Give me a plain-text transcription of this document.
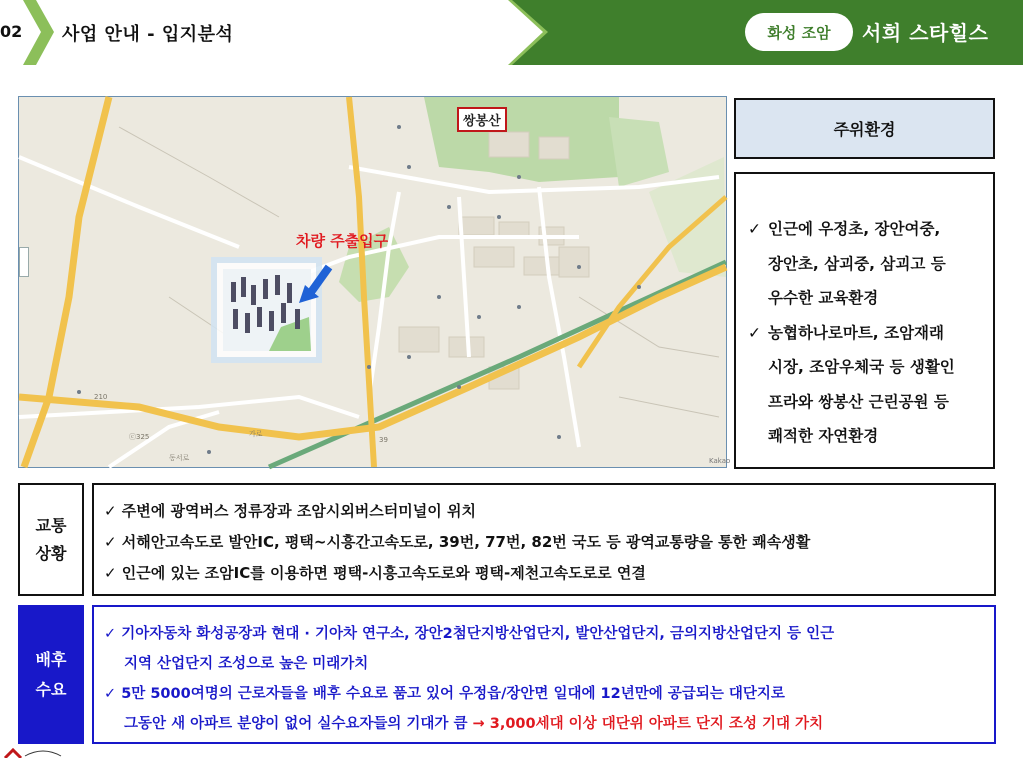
02 사업 안내 - 입지분석	화성 조암	서희 스타힐스
210
ⓒ325	39
동서로
가로
Kakao
쌍봉산
차량 주출입구
주위환경
✓ 인근에 우정초, 장안여중,
장안초, 삼괴중, 삼괴고 등
우수한 교육환경
✓ 농협하나로마트, 조암재래
시장, 조암우체국 등 생활인
프라와 쌍봉산 근린공원 등
쾌적한 자연환경
교통
상황
✓ 주변에 광역버스 정류장과 조암시외버스터미널이 위치
✓ 서해안고속도로 발안IC, 평택~시흥간고속도로, 39번, 77번, 82번 국도 등 광역교통량을 통한 쾌속생활
✓ 인근에 있는 조암IC를 이용하면 평택-시흥고속도로와 평택-제천고속도로로 연결
배후
수요
✓ 기아자동차 화성공장과 현대 · 기아차 연구소, 장안2첨단지방산업단지, 발안산업단지, 금의지방산업단지 등 인근
지역 산업단지 조성으로 높은 미래가치
✓ 5만 5000여명의 근로자들을 배후 수요로 품고 있어 우정읍/장안면 일대에 12년만에 공급되는 대단지로
그동안 새 아파트 분양이 없어 실수요자들의 기대가 큼 → 3,000세대 이상 대단위 아파트 단지 조성 기대 가치
